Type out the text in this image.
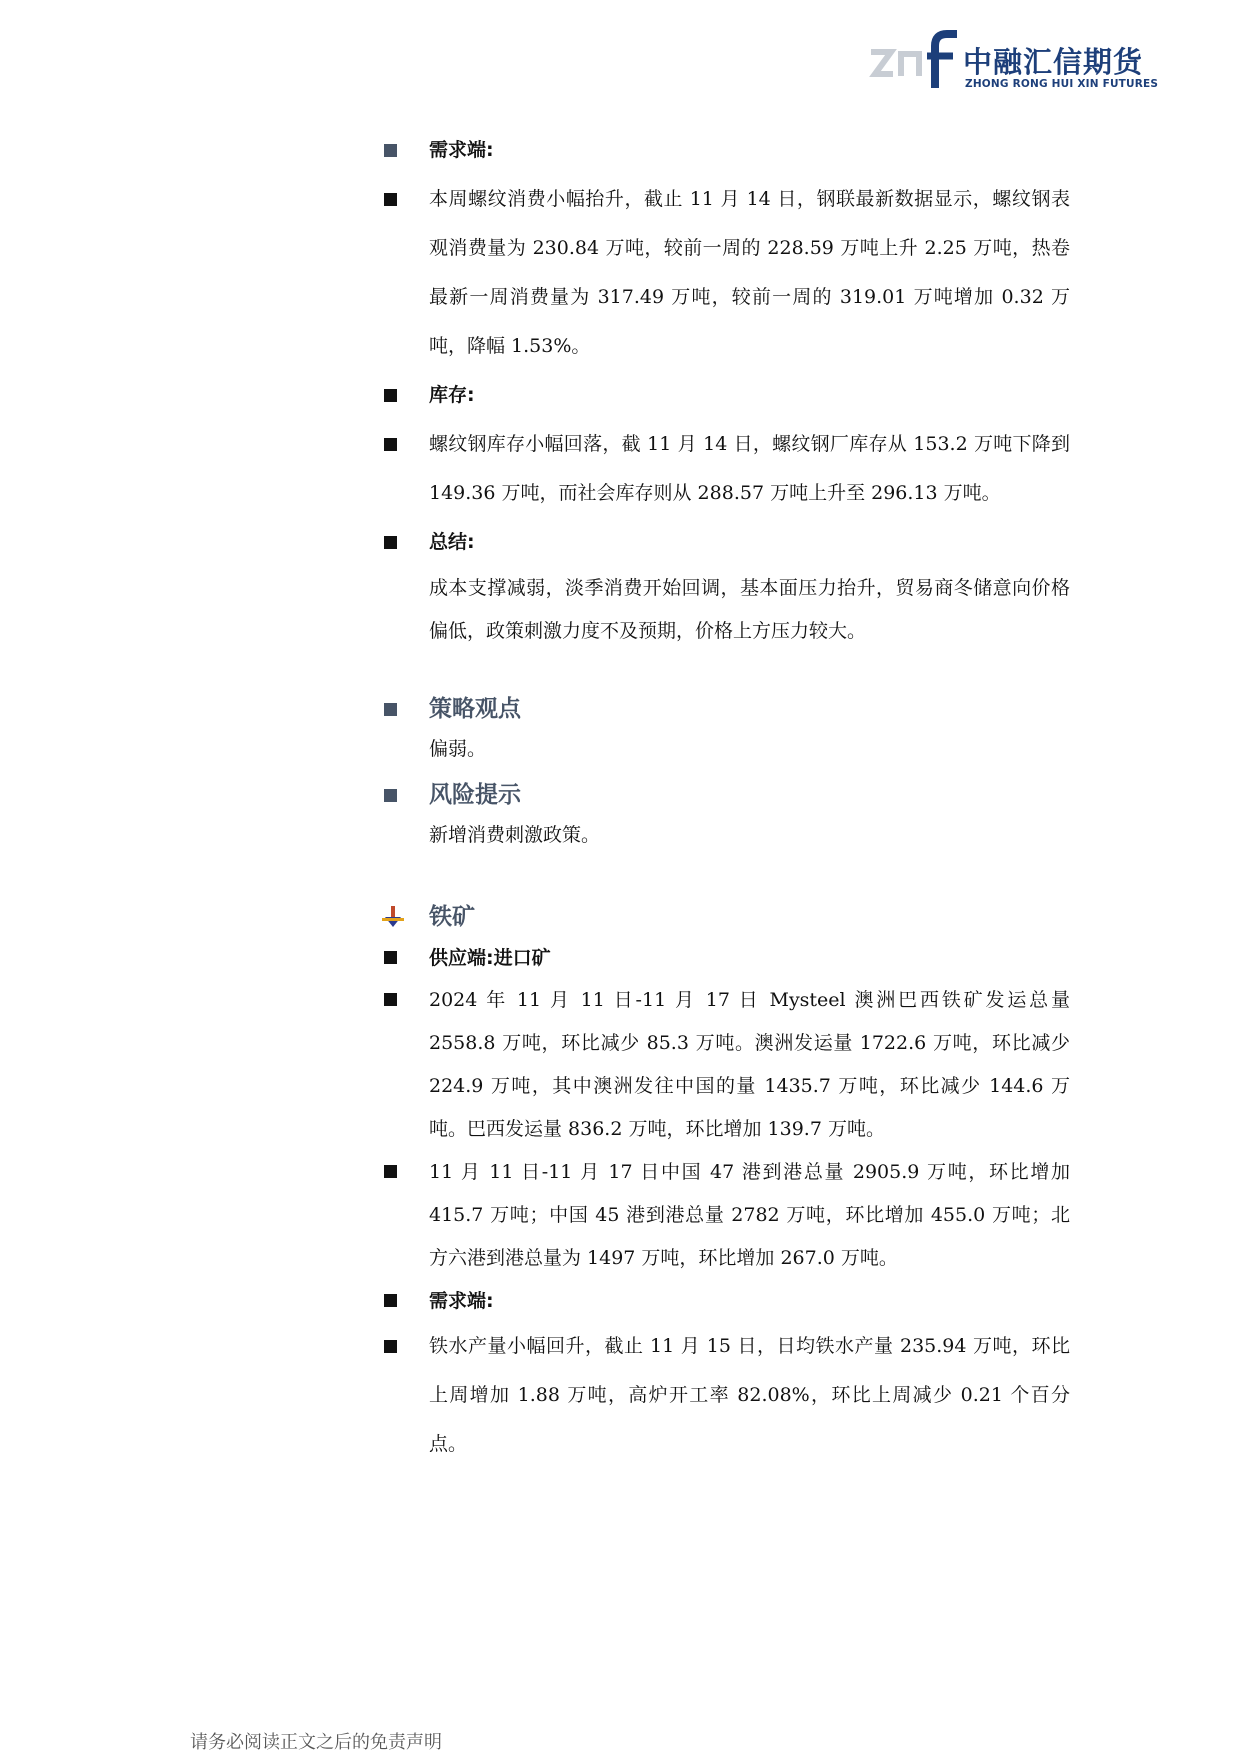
中融汇信期货
ZHONG RONG HUI XIN FUTURES

需求端:

本周螺纹消费小幅抬升，截止 11 月 14 日，钢联最新数据显示，螺纹钢表观消费量为 230.84 万吨，较前一周的 228.59 万吨上升 2.25 万吨，热卷最新一周消费量为 317.49 万吨，较前一周的 319.01 万吨增加 0.32 万吨，降幅 1.53%。

库存:

螺纹钢库存小幅回落，截 11 月 14 日，螺纹钢厂库存从 153.2 万吨下降到 149.36 万吨，而社会库存则从 288.57 万吨上升至 296.13 万吨。

总结:

成本支撑减弱，淡季消费开始回调，基本面压力抬升，贸易商冬储意向价格偏低，政策刺激力度不及预期，价格上方压力较大。

策略观点

偏弱。

风险提示

新增消费刺激政策。

铁矿

供应端:进口矿

2024 年 11 月 11 日-11 月 17 日 Mysteel 澳洲巴西铁矿发运总量 2558.8 万吨，环比减少 85.3 万吨。澳洲发运量 1722.6 万吨，环比减少 224.9 万吨，其中澳洲发往中国的量 1435.7 万吨，环比减少 144.6 万吨。巴西发运量 836.2 万吨，环比增加 139.7 万吨。

11 月 11 日-11 月 17 日中国 47 港到港总量 2905.9 万吨，环比增加 415.7 万吨；中国 45 港到港总量 2782 万吨，环比增加 455.0 万吨；北方六港到港总量为 1497 万吨，环比增加 267.0 万吨。

需求端:

铁水产量小幅回升，截止 11 月 15 日，日均铁水产量 235.94 万吨，环比上周增加 1.88 万吨，高炉开工率 82.08%，环比上周减少 0.21 个百分点。

请务必阅读正文之后的免责声明
